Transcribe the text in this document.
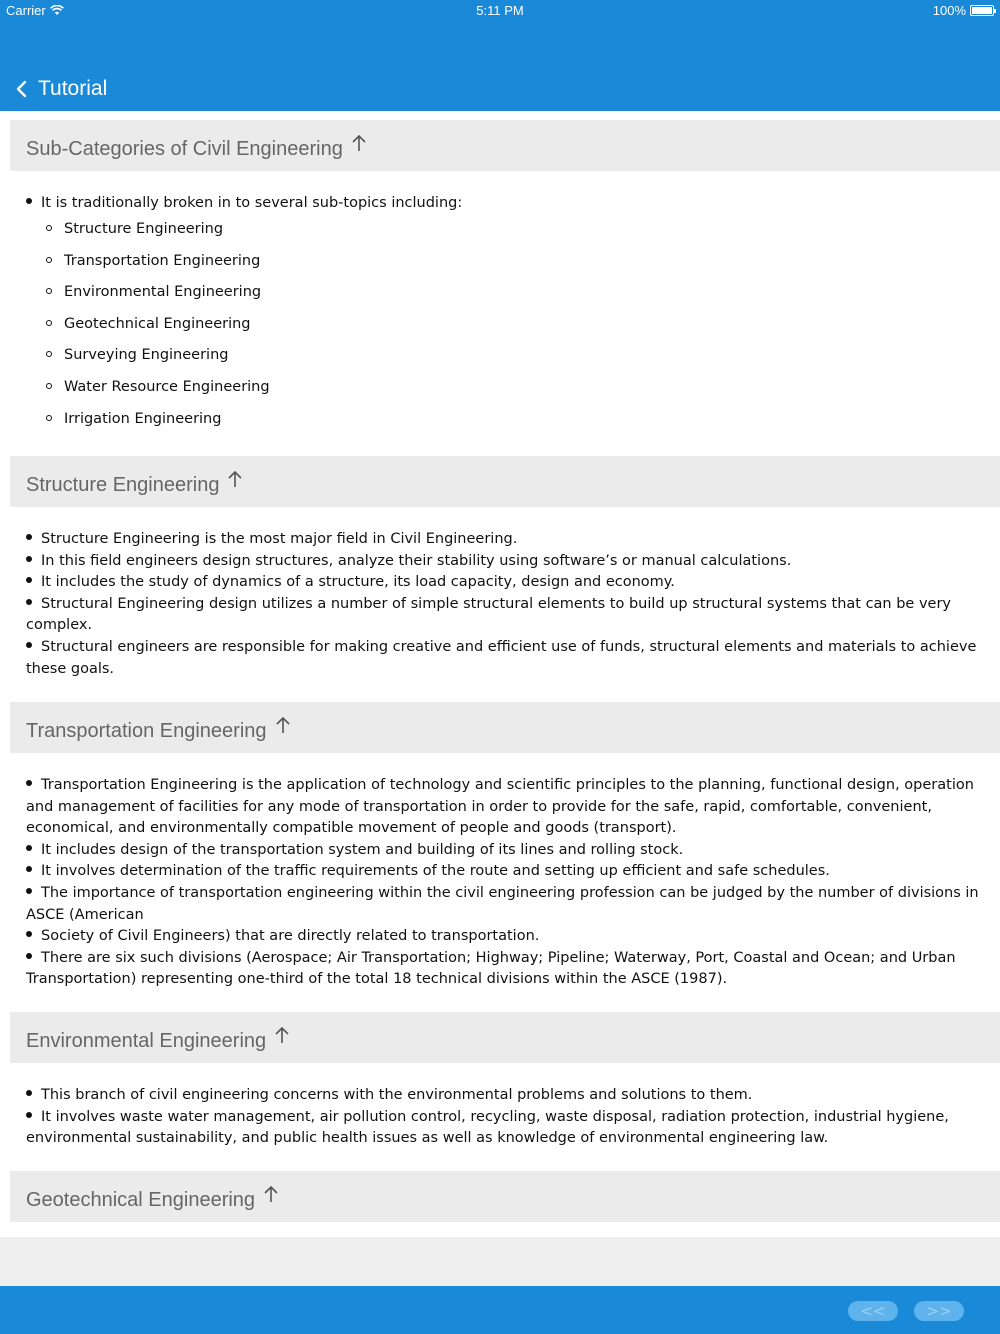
Carrier	5:11 PM	100%
Tutorial
Sub-Categories of Civil Engineering
It is traditionally broken in to several sub-topics including:
Structure Engineering
Transportation Engineering
Environmental Engineering
Geotechnical Engineering
Surveying Engineering
Water Resource Engineering
Irrigation Engineering
Structure Engineering

Structure Engineering is the most major field in Civil Engineering.

In this field engineers design structures, analyze their stability using software’s or manual calculations.

It includes the study of dynamics of a structure, its load capacity, design and economy.

Structural Engineering design utilizes a number of simple structural elements to build up structural systems that can be very complex.

Structural engineers are responsible for making creative and efficient use of funds, structural elements and materials to achieve these goals.

Transportation Engineering

Transportation Engineering is the application of technology and scientific principles to the planning, functional design, operation and management of facilities for any mode of transportation in order to provide for the safe, rapid, comfortable, convenient, economical, and environmentally compatible movement of people and goods (transport).

It includes design of the transportation system and building of its lines and rolling stock.

It involves determination of the traffic requirements of the route and setting up efficient and safe schedules.

The importance of transportation engineering within the civil engineering profession can be judged by the number of divisions in ASCE (American

Society of Civil Engineers) that are directly related to transportation.

There are six such divisions (Aerospace; Air Transportation; Highway; Pipeline; Waterway, Port, Coastal and Ocean; and Urban Transportation) representing one-third of the total 18 technical divisions within the ASCE (1987).

Environmental Engineering

This branch of civil engineering concerns with the environmental problems and solutions to them.

It involves waste water management, air pollution control, recycling, waste disposal, radiation protection, industrial hygiene, environmental sustainability, and public health issues as well as knowledge of environmental engineering law.

Geotechnical Engineering
<<	>>
